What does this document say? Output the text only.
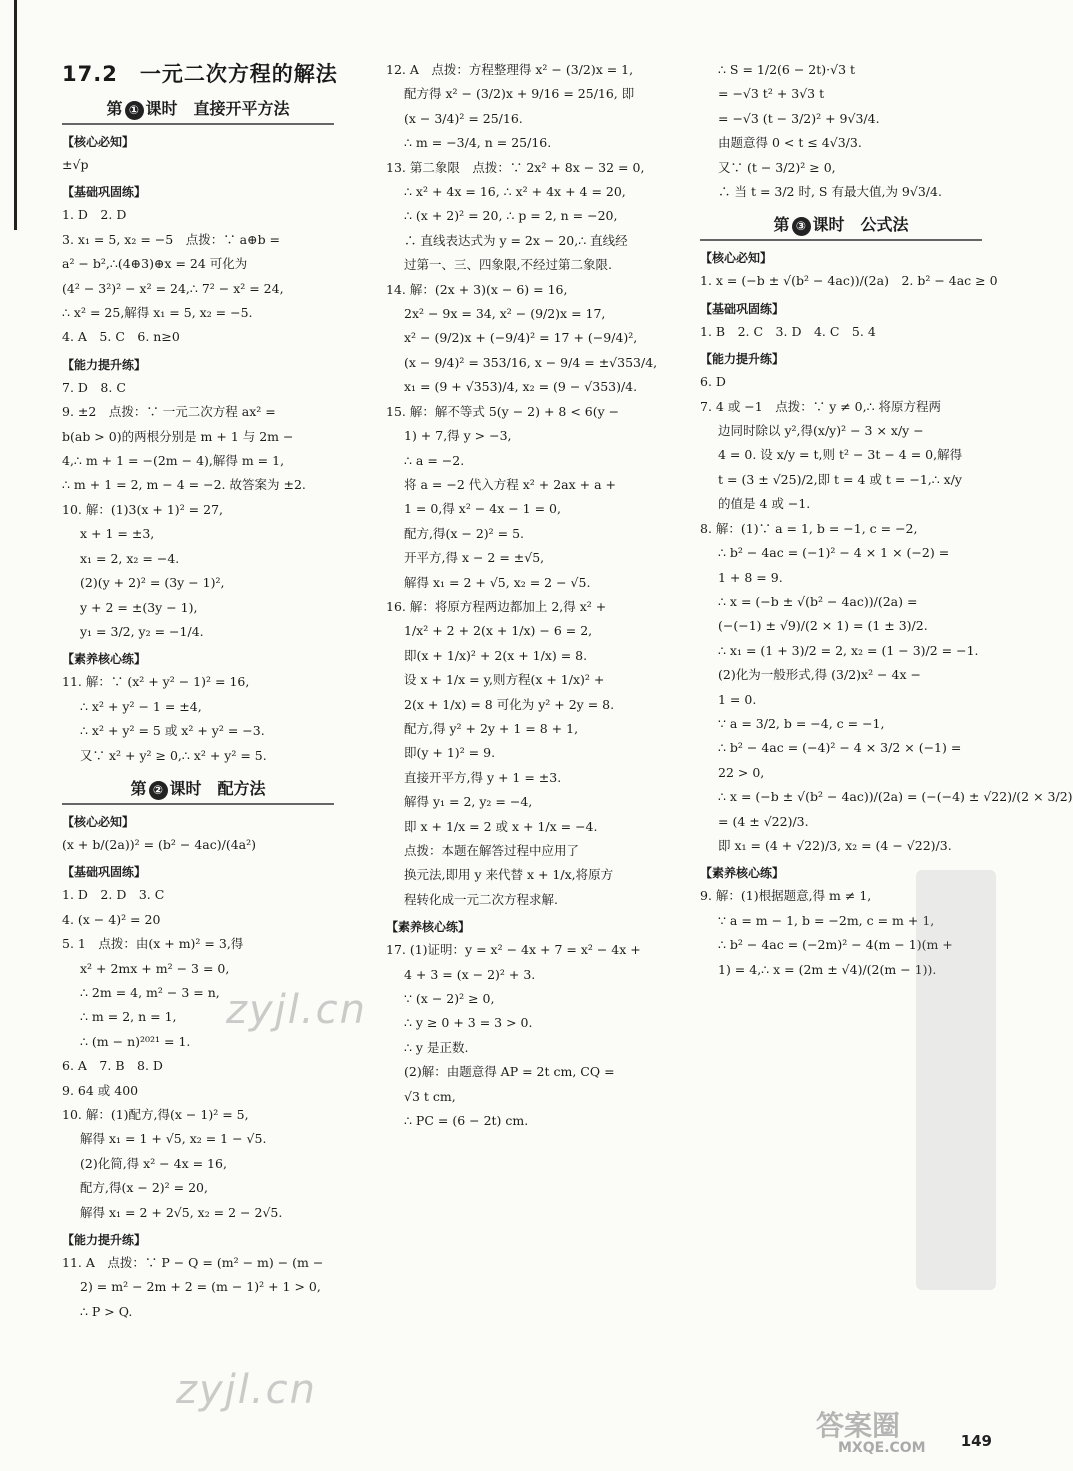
17.2　一元二次方程的解法
第 ① 课时　直接开平方法
【核心必知】
±√p
【基础巩固练】
1. D　2. D
3. x₁ = 5, x₂ = −5　点拨：∵ a⊕b =
a² − b²,∴(4⊕3)⊕x = 24 可化为
(4² − 3²)² − x² = 24,∴ 7² − x² = 24,
∴ x² = 25,解得 x₁ = 5, x₂ = −5.
4. A　5. C　6. n≥0
【能力提升练】
7. D　8. C
9. ±2　点拨：∵ 一元二次方程 ax² =
b(ab > 0)的两根分别是 m + 1 与 2m −
4,∴ m + 1 = −(2m − 4),解得 m = 1,
∴ m + 1 = 2, m − 4 = −2. 故答案为 ±2.
10. 解：(1)3(x + 1)² = 27,
x + 1 = ±3,
x₁ = 2, x₂ = −4.
(2)(y + 2)² = (3y − 1)²,
y + 2 = ±(3y − 1),
y₁ = 3/2, y₂ = −1/4.
【素养核心练】
11. 解：∵ (x² + y² − 1)² = 16,
∴ x² + y² − 1 = ±4,
∴ x² + y² = 5 或 x² + y² = −3.
又∵ x² + y² ≥ 0,∴ x² + y² = 5.
第 ② 课时　配方法
【核心必知】
(x + b/(2a))² = (b² − 4ac)/(4a²)
【基础巩固练】
1. D　2. D　3. C
4. (x − 4)² = 20
5. 1　点拨：由(x + m)² = 3,得
x² + 2mx + m² − 3 = 0,
∴ 2m = 4, m² − 3 = n,
∴ m = 2, n = 1,
∴ (m − n)²⁰²¹ = 1.
6. A　7. B　8. D
9. 64 或 400
10. 解：(1)配方,得(x − 1)² = 5,
解得 x₁ = 1 + √5, x₂ = 1 − √5.
(2)化简,得 x² − 4x = 16,
配方,得(x − 2)² = 20,
解得 x₁ = 2 + 2√5, x₂ = 2 − 2√5.
【能力提升练】
11. A　点拨：∵ P − Q = (m² − m) − (m −
2) = m² − 2m + 2 = (m − 1)² + 1 > 0,
∴ P > Q.
12. A　点拨：方程整理得 x² − (3/2)x = 1,
配方得 x² − (3/2)x + 9/16 = 25/16, 即
(x − 3/4)² = 25/16.
∴ m = −3/4, n = 25/16.
13. 第二象限　点拨：∵ 2x² + 8x − 32 = 0,
∴ x² + 4x = 16, ∴ x² + 4x + 4 = 20,
∴ (x + 2)² = 20, ∴ p = 2, n = −20,
∴ 直线表达式为 y = 2x − 20,∴ 直线经
过第一、三、四象限,不经过第二象限.
14. 解：(2x + 3)(x − 6) = 16,
2x² − 9x = 34, x² − (9/2)x = 17,
x² − (9/2)x + (−9/4)² = 17 + (−9/4)²,
(x − 9/4)² = 353/16, x − 9/4 = ±√353/4,
x₁ = (9 + √353)/4, x₂ = (9 − √353)/4.
15. 解：解不等式 5(y − 2) + 8 < 6(y −
1) + 7,得 y > −3,
∴ a = −2.
将 a = −2 代入方程 x² + 2ax + a +
1 = 0,得 x² − 4x − 1 = 0,
配方,得(x − 2)² = 5.
开平方,得 x − 2 = ±√5,
解得 x₁ = 2 + √5, x₂ = 2 − √5.
16. 解：将原方程两边都加上 2,得 x² +
1/x² + 2 + 2(x + 1/x) − 6 = 2,
即(x + 1/x)² + 2(x + 1/x) = 8.
设 x + 1/x = y,则方程(x + 1/x)² +
2(x + 1/x) = 8 可化为 y² + 2y = 8.
配方,得 y² + 2y + 1 = 8 + 1,
即(y + 1)² = 9.
直接开平方,得 y + 1 = ±3.
解得 y₁ = 2, y₂ = −4,
即 x + 1/x = 2 或 x + 1/x = −4.
点拨：本题在解答过程中应用了
换元法,即用 y 来代替 x + 1/x,将原方
程转化成一元二次方程求解.
【素养核心练】
17. (1)证明：y = x² − 4x + 7 = x² − 4x +
4 + 3 = (x − 2)² + 3.
∵ (x − 2)² ≥ 0,
∴ y ≥ 0 + 3 = 3 > 0.
∴ y 是正数.
(2)解：由题意得 AP = 2t cm, CQ =
√3 t cm,
∴ PC = (6 − 2t) cm.
∴ S = 1/2(6 − 2t)·√3 t
= −√3 t² + 3√3 t
= −√3 (t − 3/2)² + 9√3/4.
由题意得 0 < t ≤ 4√3/3.
又∵ (t − 3/2)² ≥ 0,
∴ 当 t = 3/2 时, S 有最大值,为 9√3/4.
第 ③ 课时　公式法
【核心必知】
1. x = (−b ± √(b² − 4ac))/(2a)　2. b² − 4ac ≥ 0
【基础巩固练】
1. B　2. C　3. D　4. C　5. 4
【能力提升练】
6. D
7. 4 或 −1　点拨：∵ y ≠ 0,∴ 将原方程两
边同时除以 y²,得(x/y)² − 3 × x/y −
4 = 0. 设 x/y = t,则 t² − 3t − 4 = 0,解得
t = (3 ± √25)/2,即 t = 4 或 t = −1,∴ x/y
的值是 4 或 −1.
8. 解：(1)∵ a = 1, b = −1, c = −2,
∴ b² − 4ac = (−1)² − 4 × 1 × (−2) =
1 + 8 = 9.
∴ x = (−b ± √(b² − 4ac))/(2a) =
(−(−1) ± √9)/(2 × 1) = (1 ± 3)/2.
∴ x₁ = (1 + 3)/2 = 2, x₂ = (1 − 3)/2 = −1.
(2)化为一般形式,得 (3/2)x² − 4x −
1 = 0.
∵ a = 3/2, b = −4, c = −1,
∴ b² − 4ac = (−4)² − 4 × 3/2 × (−1) =
22 > 0,
∴ x = (−b ± √(b² − 4ac))/(2a) = (−(−4) ± √22)/(2 × 3/2)
= (4 ± √22)/3.
即 x₁ = (4 + √22)/3, x₂ = (4 − √22)/3.
【素养核心练】
9. 解：(1)根据题意,得 m ≠ 1,
∵ a = m − 1, b = −2m, c = m + 1,
∴ b² − 4ac = (−2m)² − 4(m − 1)(m +
1) = 4,∴ x = (2m ± √4)/(2(m − 1)).
zyjl.cn
zyjl.cn
答案圈
MXQE.COM 149
